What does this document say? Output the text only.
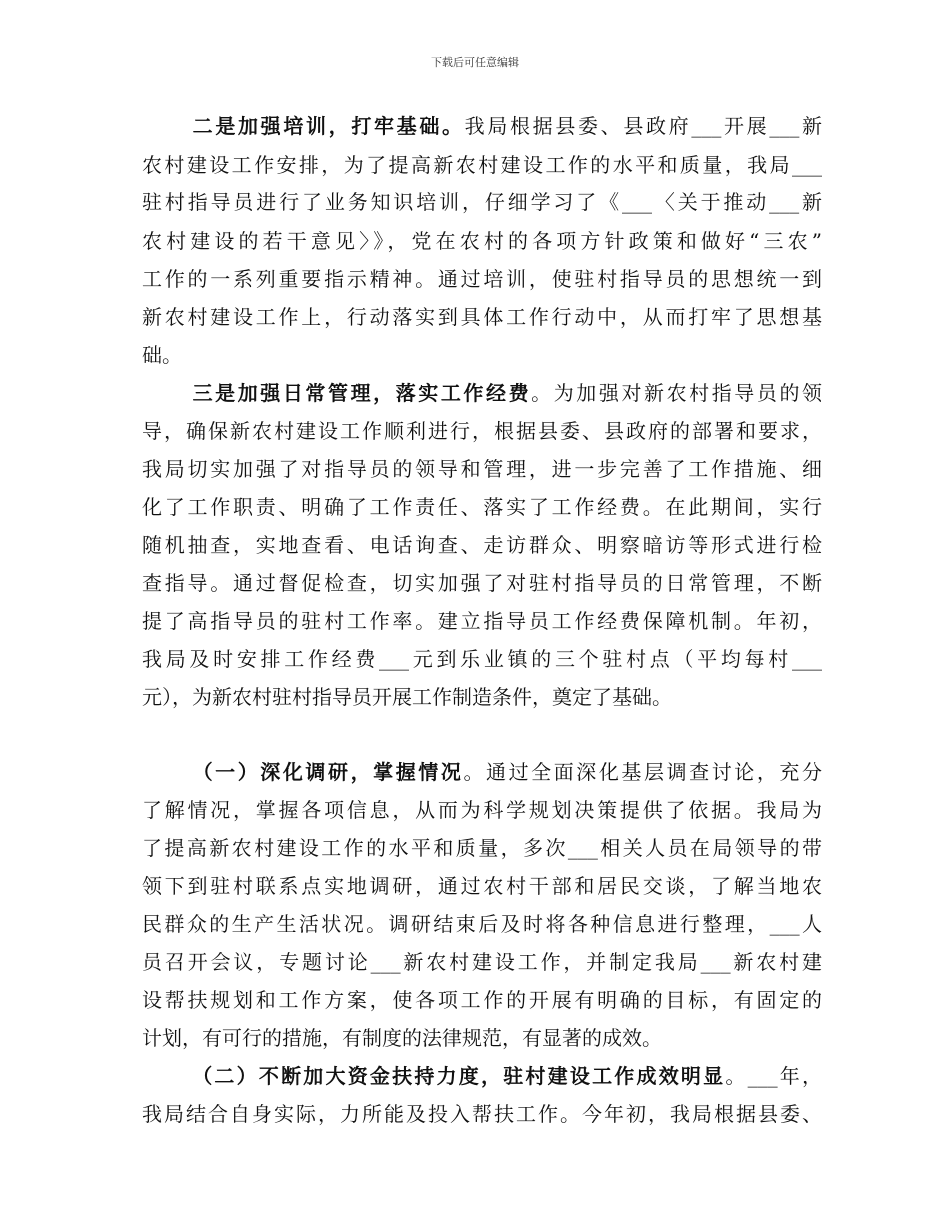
下载后可任意编辑
二是加强培训，打牢基础。我局根据县委、县政府___开展___新
农村建设工作安排，为了提高新农村建设工作的水平和质量，我局___
驻村指导员进行了业务知识培训，仔细学习了《___〈关于推动___新
农村建设的若干意见〉》，党在农村的各项方针政策和做好“三农”
工作的一系列重要指示精神。通过培训，使驻村指导员的思想统一到
新农村建设工作上，行动落实到具体工作行动中，从而打牢了思想基
础。
三是加强日常管理，落实工作经费。为加强对新农村指导员的领
导，确保新农村建设工作顺利进行，根据县委、县政府的部署和要求，
我局切实加强了对指导员的领导和管理，进一步完善了工作措施、细
化了工作职责、明确了工作责任、落实了工作经费。在此期间，实行
随机抽查，实地查看、电话询查、走访群众、明察暗访等形式进行检
查指导。通过督促检查，切实加强了对驻村指导员的日常管理，不断
提了高指导员的驻村工作率。建立指导员工作经费保障机制。年初，
我局及时安排工作经费___元到乐业镇的三个驻村点（平均每村___
元），为新农村驻村指导员开展工作制造条件，奠定了基础。
（一）深化调研，掌握情况。通过全面深化基层调查讨论，充分
了解情况，掌握各项信息，从而为科学规划决策提供了依据。我局为
了提高新农村建设工作的水平和质量，多次___相关人员在局领导的带
领下到驻村联系点实地调研，通过农村干部和居民交谈，了解当地农
民群众的生产生活状况。调研结束后及时将各种信息进行整理，___人
员召开会议，专题讨论___新农村建设工作，并制定我局___新农村建
设帮扶规划和工作方案，使各项工作的开展有明确的目标，有固定的
计划，有可行的措施，有制度的法律规范，有显著的成效。
（二）不断加大资金扶持力度，驻村建设工作成效明显。___年，
我局结合自身实际，力所能及投入帮扶工作。今年初，我局根据县委、
